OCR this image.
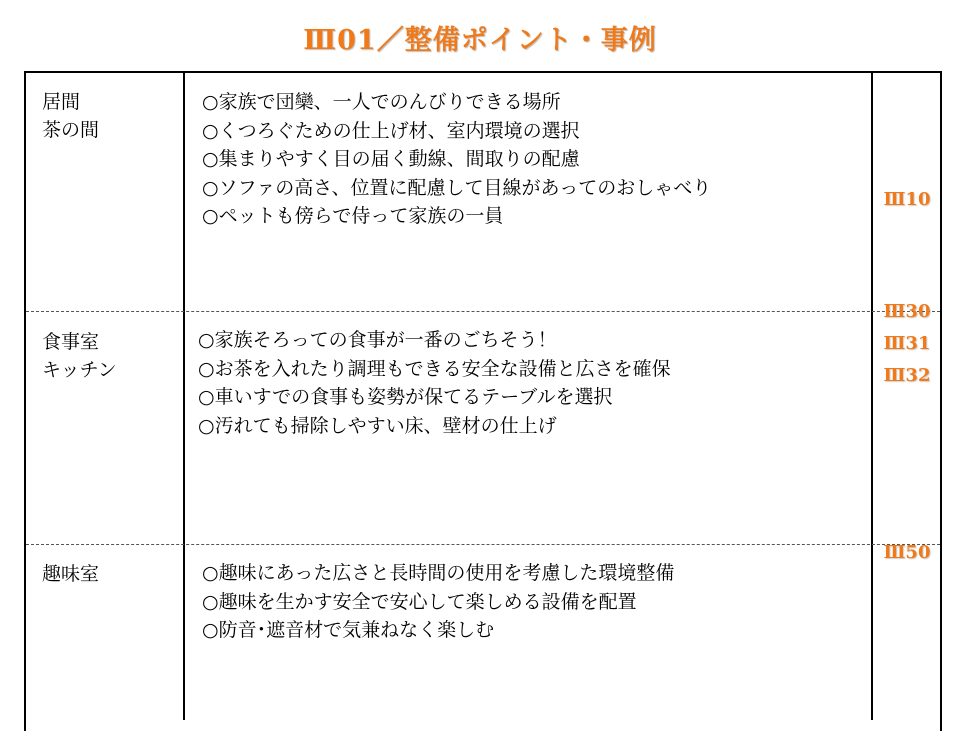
Ⅲ01／整備ポイント・事例
居間
茶の間
○家族で団欒、一人でのんびりできる場所
○くつろぐための仕上げ材、室内環境の選択
○集まりやすく目の届く動線、間取りの配慮
○ソファの高さ、位置に配慮して目線があってのおしゃべり
○ペットも傍らで侍って家族の一員
Ⅲ10
食事室
キッチン
○家族そろっての食事が一番のごちそう！
○お茶を入れたり調理もできる安全な設備と広さを確保
○車いすでの食事も姿勢が保てるテーブルを選択
○汚れても掃除しやすい床、壁材の仕上げ
Ⅲ30
Ⅲ31
Ⅲ32
趣味室	○趣味にあった広さと長時間の使用を考慮した環境整備
○趣味を生かす安全で安心して楽しめる設備を配置
○防音･遮音材で気兼ねなく楽しむ
Ⅲ50
